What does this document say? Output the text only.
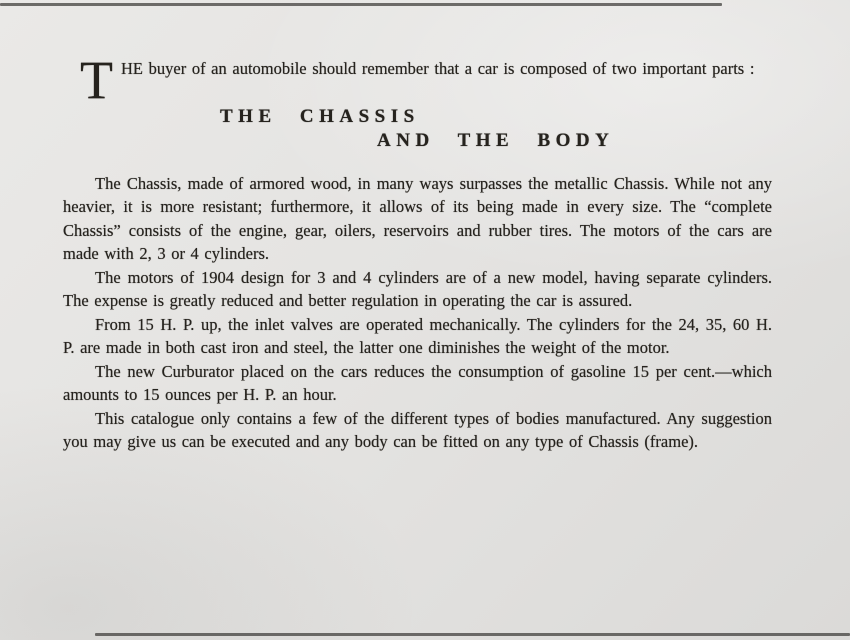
THE buyer of an automobile should remember that a car is composed of two important parts :
THE CHASSIS
AND THE BODY

The Chassis, made of armored wood, in many ways surpasses the metallic Chassis. While not any heavier, it is more resistant; furthermore, it allows of its being made in every size. The “complete Chassis” consists of the engine, gear, oilers, reservoirs and rubber tires. The motors of the cars are made with 2, 3 or 4 cylinders.

The motors of 1904 design for 3 and 4 cylinders are of a new model, having separate cylinders. The expense is greatly reduced and better regulation in operating the car is assured.

From 15 H. P. up, the inlet valves are operated mechanically. The cylinders for the 24, 35, 60 H. P. are made in both cast iron and steel, the latter one diminishes the weight of the motor.

The new Curburator placed on the cars reduces the consumption of gasoline 15 per cent.—which amounts to 15 ounces per H. P. an hour.

This catalogue only contains a few of the different types of bodies manufactured. Any suggestion you may give us can be executed and any body can be fitted on any type of Chassis (frame).
